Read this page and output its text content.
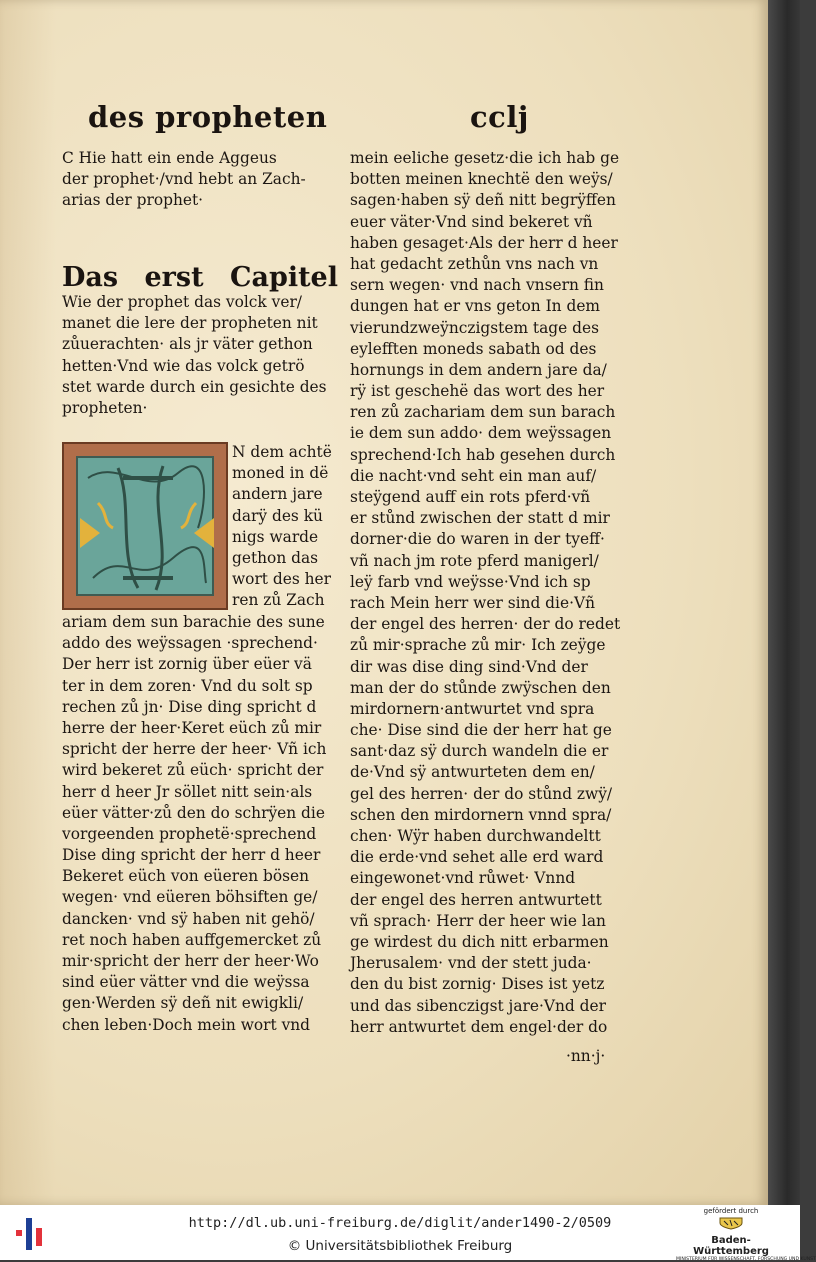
des propheten	cclj
C Hie hatt ein ende Aggeus
der prophet·/vnd hebt an Zach-
arias der prophet·
Das erst Capitel
Wie der prophet das volck ver/
manet die lere der propheten nit
zůuerachten· als jr väter gethon
hetten·Vnd wie das volck getrö
stet warde durch ein gesichte des
propheten·
N dem achtë
moned in dë
andern jare
darÿ des kü
nigs warde
gethon das
wort des her
ren zů Zach
ariam dem sun barachie des sune
addo des weÿssagen ·sprechend·
Der herr ist zornig über eüer vä
ter in dem zoren· Vnd du solt sp
rechen zů jn· Dise ding spricht d
herre der heer·Keret eüch zů mir
spricht der herre der heer· Vñ ich
wird bekeret zů eüch· spricht der
herr d heer Jr söllet nitt sein·als
eüer vätter·zů den do schrÿen die
vorgeenden prophetë·sprechend
Dise ding spricht der herr d heer
Bekeret eüch von eüeren bösen
wegen· vnd eüeren böhsiften ge/
dancken· vnd sÿ haben nit gehö/
ret noch haben auffgemercket zů
mir·spricht der herr der heer·Wo
sind eüer vätter vnd die weÿssa
gen·Werden sÿ deñ nit ewigkli/
chen leben·Doch mein wort vnd
mein eeliche gesetz·die ich hab ge
botten meinen knechtë den weÿs/
sagen·haben sÿ deñ nitt begrÿffen
euer väter·Vnd sind bekeret vñ
haben gesaget·Als der herr d heer
hat gedacht zethůn vns nach vn
sern wegen· vnd nach vnsern fin
dungen hat er vns geton In dem
vierundzweÿnczigstem tage des
eylefften moneds sabath od des
hornungs in dem andern jare da/
rÿ ist geschehë das wort des her
ren zů zachariam dem sun barach
ie dem sun addo· dem weÿssagen
sprechend·Ich hab gesehen durch
die nacht·vnd seht ein man auf/
steÿgend auff ein rots pferd·vñ
er stůnd zwischen der statt d mir
dorner·die do waren in der tyeff·
vñ nach jm rote pferd manigerl/
leÿ farb vnd weÿsse·Vnd ich sp
rach Mein herr wer sind die·Vñ
der engel des herren· der do redet
zů mir·sprache zů mir· Ich zeÿge
dir was dise ding sind·Vnd der
man der do stůnde zwÿschen den
mirdornern·antwurtet vnd spra
che· Dise sind die der herr hat ge
sant·daz sÿ durch wandeln die er
de·Vnd sÿ antwurteten dem en/
gel des herren· der do stůnd zwÿ/
schen den mirdornern vnnd spra/
chen· Wÿr haben durchwandeltt
die erde·vnd sehet alle erd ward
eingewonet·vnd růwet· Vnnd
der engel des herren antwurtett
vñ sprach· Herr der heer wie lan
ge wirdest du dich nitt erbarmen
Jherusalem· vnd der stett juda·
den du bist zornig· Dises ist yetz
und das sibenczigst jare·Vnd der
herr antwurtet dem engel·der do
·nn·j·
http://dl.ub.uni-freiburg.de/diglit/ander1490-2/0509
© Universitätsbibliothek Freiburg
gefördert durch
Baden-Württemberg
MINISTERIUM FÜR WISSENSCHAFT, FORSCHUNG UND KUNST
